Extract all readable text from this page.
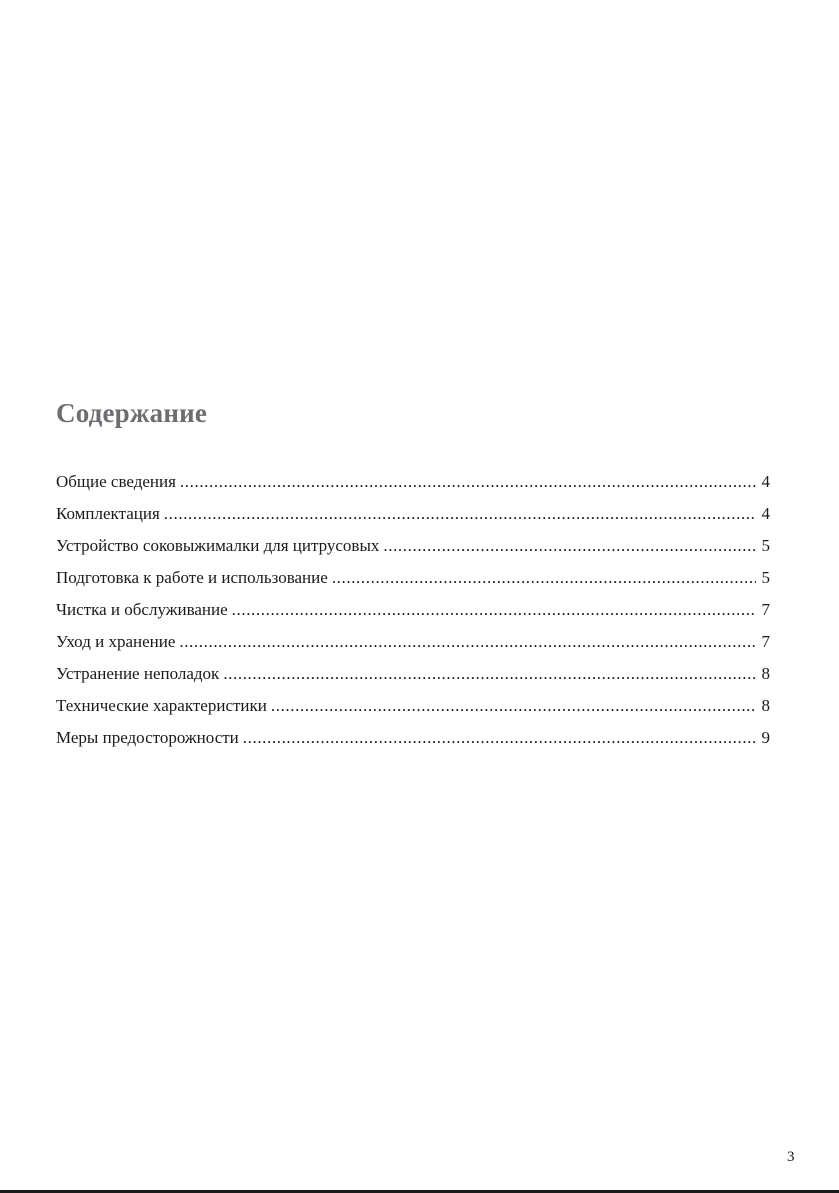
Содержание
Общие сведения .....	4
Комплектация .....	4
Устройство соковыжималки для цитрусовых .....	5
Подготовка к работе и использование .....	5
Чистка и обслуживание .....	7
Уход и хранение .....	7
Устранение неполадок .....	8
Технические характеристики .....	8
Меры предосторожности .....	9
3
